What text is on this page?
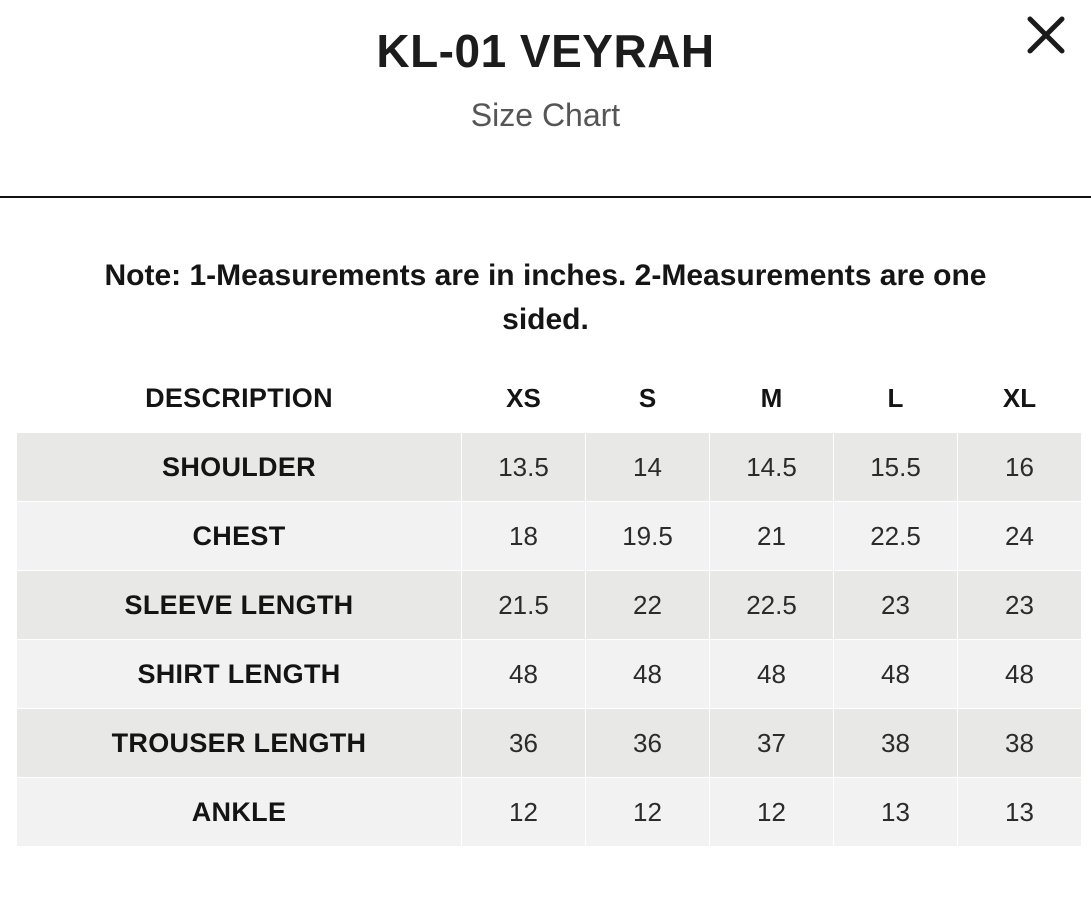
KL-01 VEYRAH

Size Chart

Note: 1-Measurements are in inches. 2-Measurements are one sided.

DESCRIPTION	XS	S	M	L	XL
SHOULDER	13.5	14	14.5	15.5	16
CHEST	18	19.5	21	22.5	24
SLEEVE LENGTH	21.5	22	22.5	23	23
SHIRT LENGTH	48	48	48	48	48
TROUSER LENGTH	36	36	37	38	38
ANKLE	12	12	12	13	13
